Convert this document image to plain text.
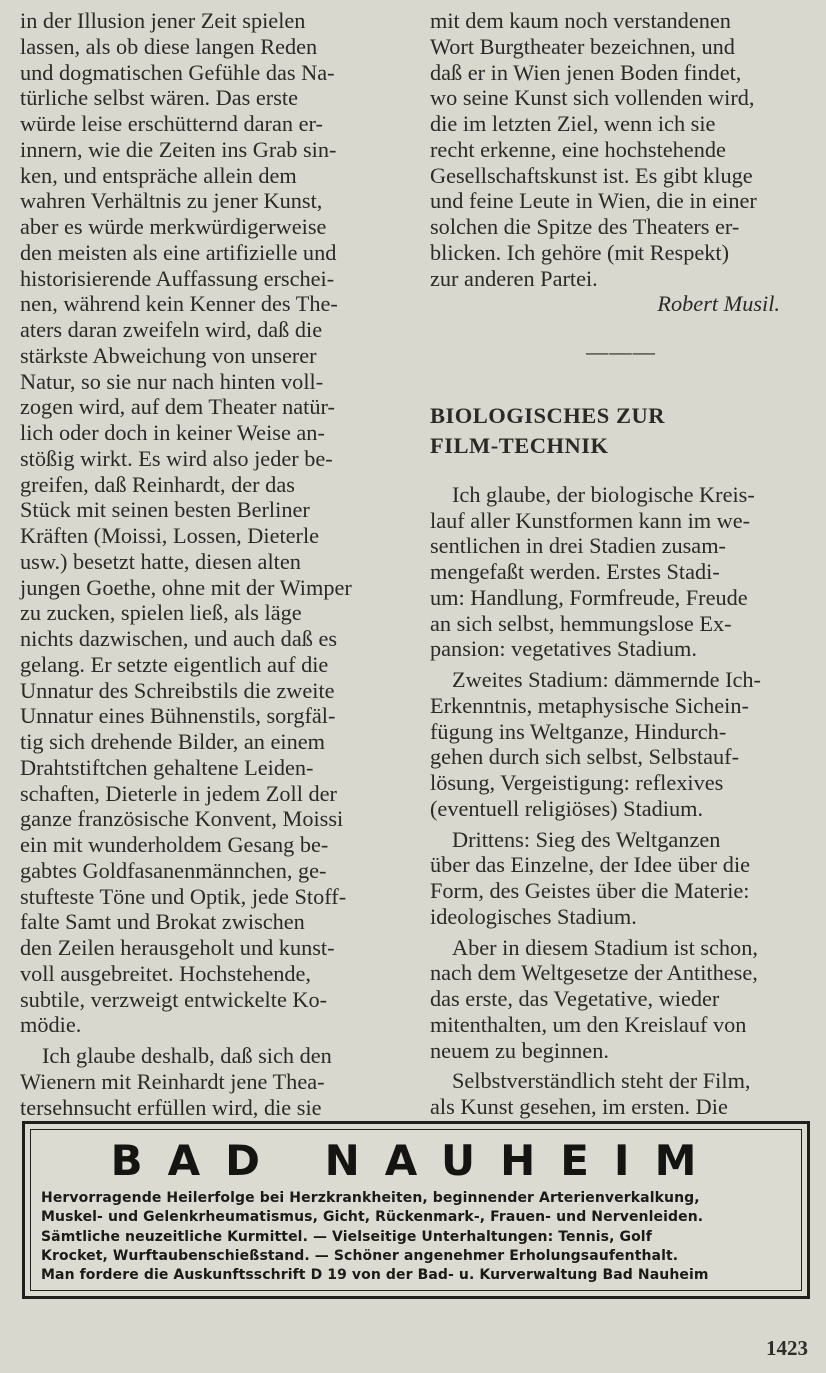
in der Illusion jener Zeit spielen
lassen, als ob diese langen Reden
und dogmatischen Gefühle das Na-
türliche selbst wären. Das erste
würde leise erschütternd daran er-
innern, wie die Zeiten ins Grab sin-
ken, und entspräche allein dem
wahren Verhältnis zu jener Kunst,
aber es würde merkwürdigerweise
den meisten als eine artifizielle und
historisierende Auffassung erschei-
nen, während kein Kenner des The-
aters daran zweifeln wird, daß die
stärkste Abweichung von unserer
Natur, so sie nur nach hinten voll-
zogen wird, auf dem Theater natür-
lich oder doch in keiner Weise an-
stößig wirkt. Es wird also jeder be-
greifen, daß Reinhardt, der das
Stück mit seinen besten Berliner
Kräften (Moissi, Lossen, Dieterle
usw.) besetzt hatte, diesen alten
jungen Goethe, ohne mit der Wimper
zu zucken, spielen ließ, als läge
nichts dazwischen, und auch daß es
gelang. Er setzte eigentlich auf die
Unnatur des Schreibstils die zweite
Unnatur eines Bühnenstils, sorgfäl-
tig sich drehende Bilder, an einem
Drahtstiftchen gehaltene Leiden-
schaften, Dieterle in jedem Zoll der
ganze französische Konvent, Moissi
ein mit wunderholdem Gesang be-
gabtes Goldfasanenmännchen, ge-
stufteste Töne und Optik, jede Stoff-
falte Samt und Brokat zwischen
den Zeilen herausgeholt und kunst-
voll ausgebreitet. Hochstehende,
subtile, verzweigt entwickelte Ko-
mödie.

Ich glaube deshalb, daß sich den
Wienern mit Reinhardt jene Thea-
tersehnsucht erfüllen wird, die sie

mit dem kaum noch verstandenen
Wort Burgtheater bezeichnen, und
daß er in Wien jenen Boden findet,
wo seine Kunst sich vollenden wird,
die im letzten Ziel, wenn ich sie
recht erkenne, eine hochstehende
Gesellschaftskunst ist. Es gibt kluge
und feine Leute in Wien, die in einer
solchen die Spitze des Theaters er-
blicken. Ich gehöre (mit Respekt)
zur anderen Partei.

Robert Musil.

———

BIOLOGISCHES ZUR
FILM-TECHNIK

Ich glaube, der biologische Kreis-
lauf aller Kunstformen kann im we-
sentlichen in drei Stadien zusam-
mengefaßt werden. Erstes Stadi-
um: Handlung, Formfreude, Freude
an sich selbst, hemmungslose Ex-
pansion: vegetatives Stadium.

Zweites Stadium: dämmernde Ich-
Erkenntnis, metaphysische Sichein-
fügung ins Weltganze, Hindurch-
gehen durch sich selbst, Selbstauf-
lösung, Vergeistigung: reflexives
(eventuell religiöses) Stadium.

Drittens: Sieg des Weltganzen
über das Einzelne, der Idee über die
Form, des Geistes über die Materie:
ideologisches Stadium.

Aber in diesem Stadium ist schon,
nach dem Weltgesetze der Antithese,
das erste, das Vegetative, wieder
mitenthalten, um den Kreislauf von
neuem zu beginnen.

Selbstverständlich steht der Film,
als Kunst gesehen, im ersten. Die

BAD NAUHEIM
Hervorragende Heilerfolge bei Herzkrankheiten, beginnender Arterienverkalkung,
Muskel- und Gelenkrheumatismus, Gicht, Rückenmark-, Frauen- und Nervenleiden.
Sämtliche neuzeitliche Kurmittel. — Vielseitige Unterhaltungen: Tennis, Golf
Krocket, Wurftaubenschießstand. — Schöner angenehmer Erholungsaufenthalt.
Man fordere die Auskunftsschrift D 19 von der Bad- u. Kurverwaltung Bad Nauheim
1423
